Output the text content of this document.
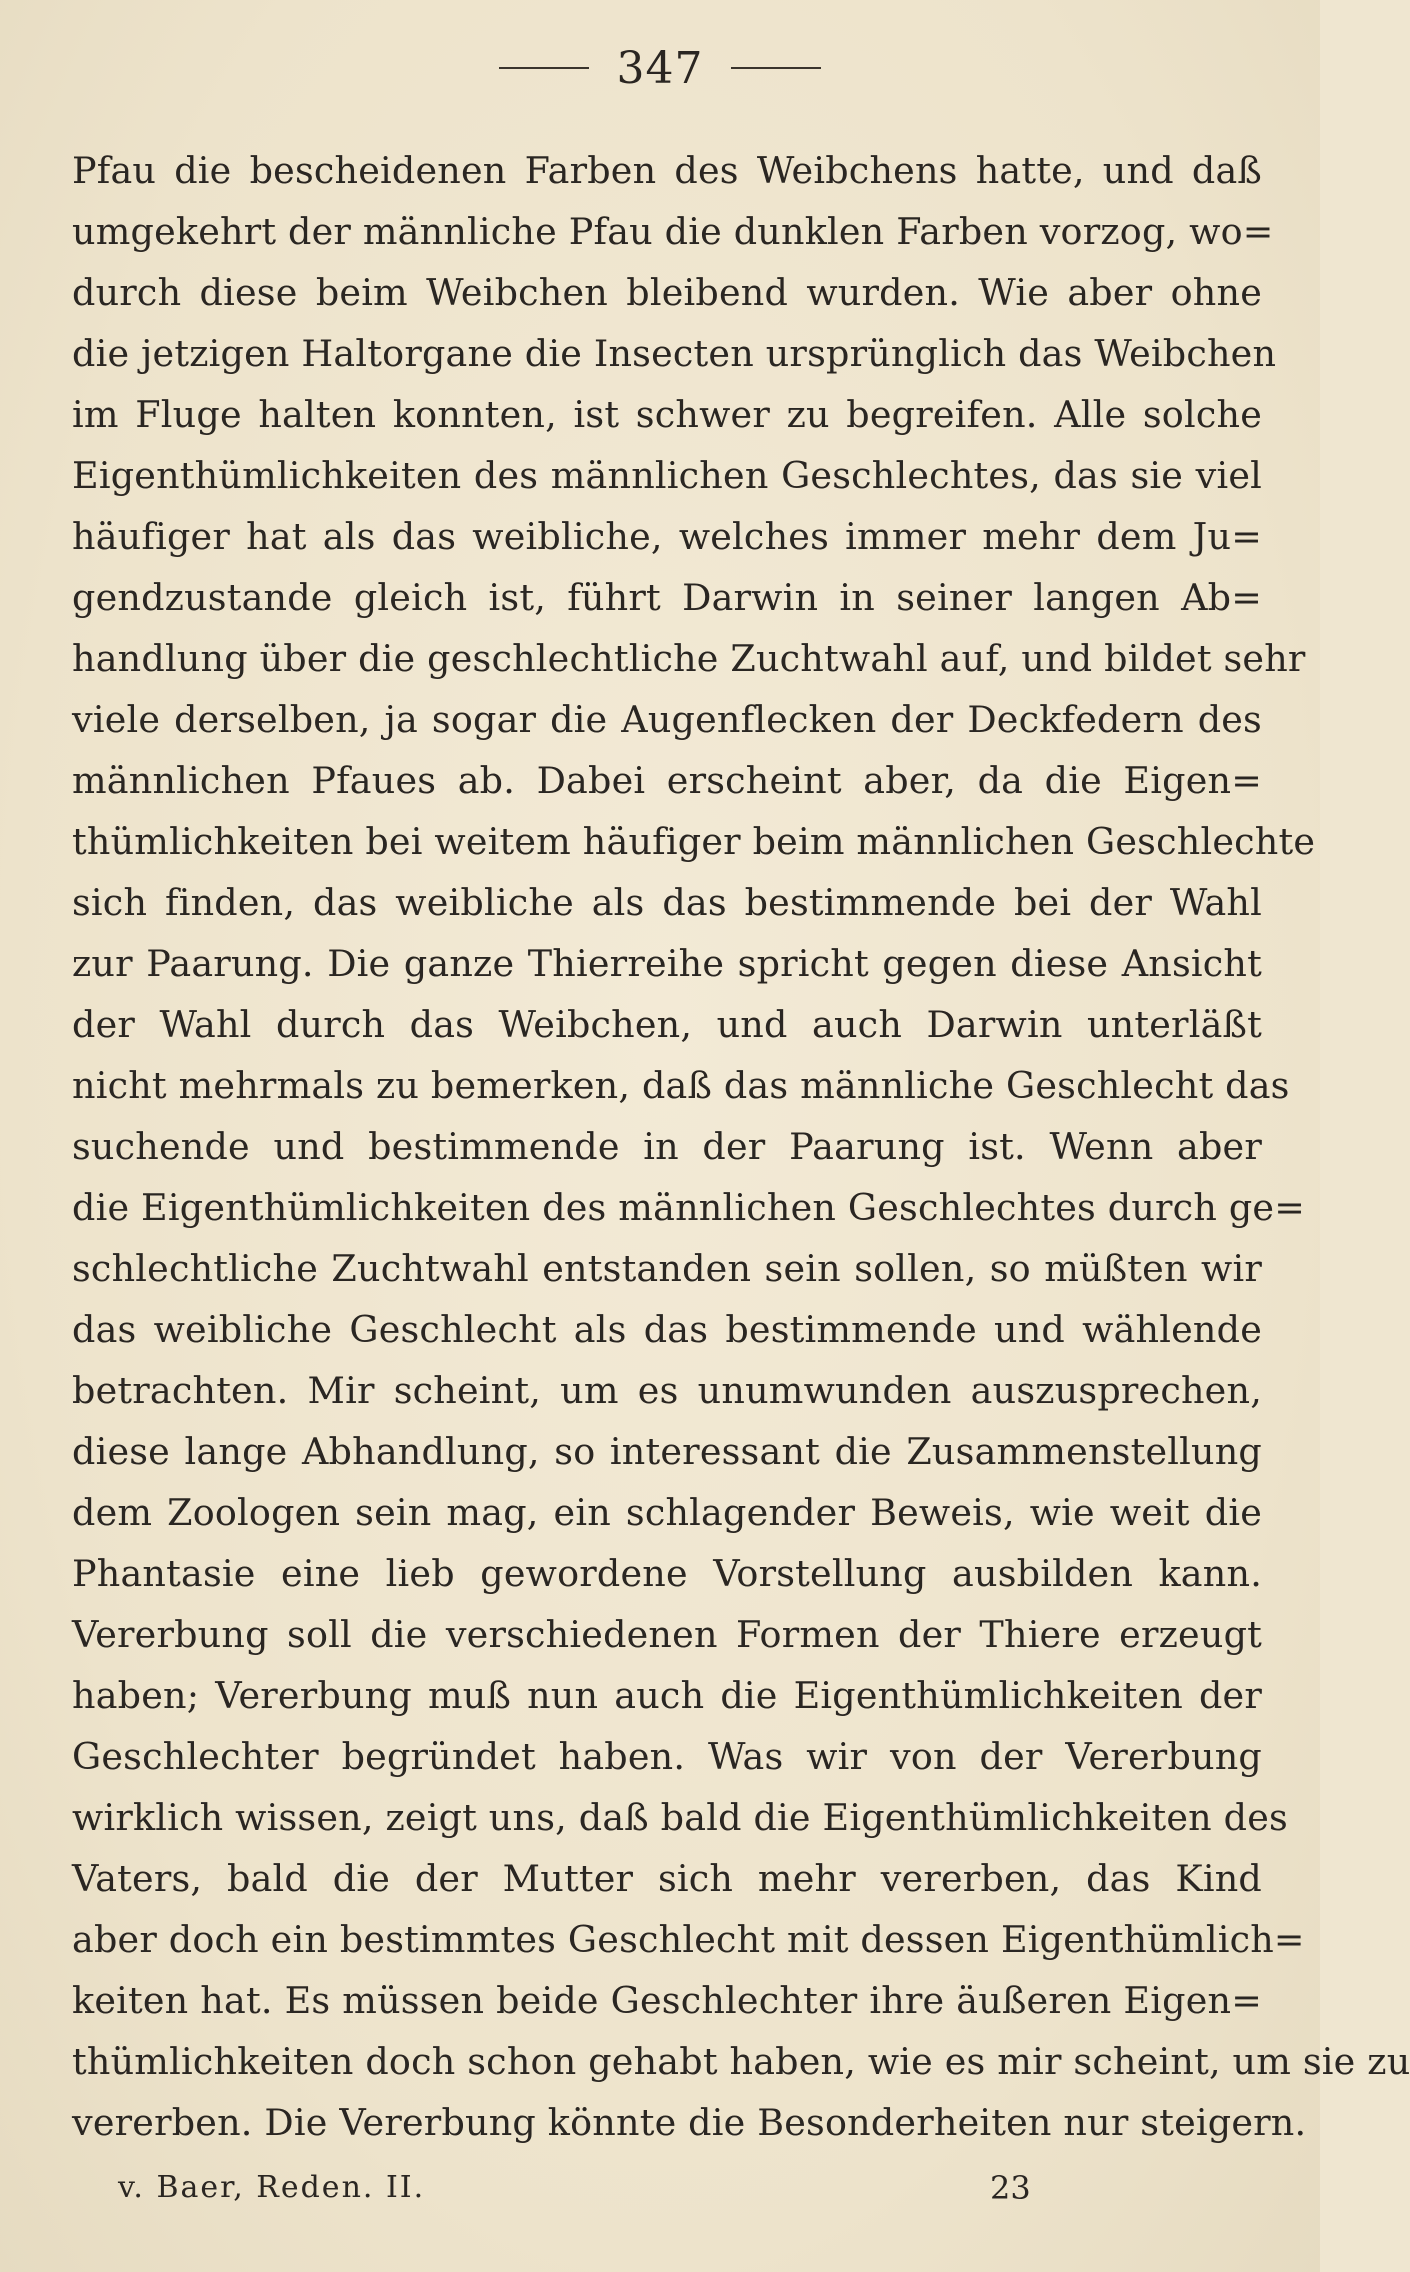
347
Pfau die bescheidenen Farben des Weibchens hatte, und daß
umgekehrt der männliche Pfau die dunklen Farben vorzog, wo=
durch diese beim Weibchen bleibend wurden. Wie aber ohne
die jetzigen Haltorgane die Insecten ursprünglich das Weibchen
im Fluge halten konnten, ist schwer zu begreifen. Alle solche
Eigenthümlichkeiten des männlichen Geschlechtes, das sie viel
häufiger hat als das weibliche, welches immer mehr dem Ju=
gendzustande gleich ist, führt Darwin in seiner langen Ab=
handlung über die geschlechtliche Zuchtwahl auf, und bildet sehr
viele derselben, ja sogar die Augenflecken der Deckfedern des
männlichen Pfaues ab. Dabei erscheint aber, da die Eigen=
thümlichkeiten bei weitem häufiger beim männlichen Geschlechte
sich finden, das weibliche als das bestimmende bei der Wahl
zur Paarung. Die ganze Thierreihe spricht gegen diese Ansicht
der Wahl durch das Weibchen, und auch Darwin unterläßt
nicht mehrmals zu bemerken, daß das männliche Geschlecht das
suchende und bestimmende in der Paarung ist. Wenn aber
die Eigenthümlichkeiten des männlichen Geschlechtes durch ge=
schlechtliche Zuchtwahl entstanden sein sollen, so müßten wir
das weibliche Geschlecht als das bestimmende und wählende
betrachten. Mir scheint, um es unumwunden auszusprechen,
diese lange Abhandlung, so interessant die Zusammenstellung
dem Zoologen sein mag, ein schlagender Beweis, wie weit die
Phantasie eine lieb gewordene Vorstellung ausbilden kann.
Vererbung soll die verschiedenen Formen der Thiere erzeugt
haben; Vererbung muß nun auch die Eigenthümlichkeiten der
Geschlechter begründet haben. Was wir von der Vererbung
wirklich wissen, zeigt uns, daß bald die Eigenthümlichkeiten des
Vaters, bald die der Mutter sich mehr vererben, das Kind
aber doch ein bestimmtes Geschlecht mit dessen Eigenthümlich=
keiten hat. Es müssen beide Geschlechter ihre äußeren Eigen=
thümlichkeiten doch schon gehabt haben, wie es mir scheint, um sie zu
vererben. Die Vererbung könnte die Besonderheiten nur steigern.
v. Baer, Reden. II.	23
